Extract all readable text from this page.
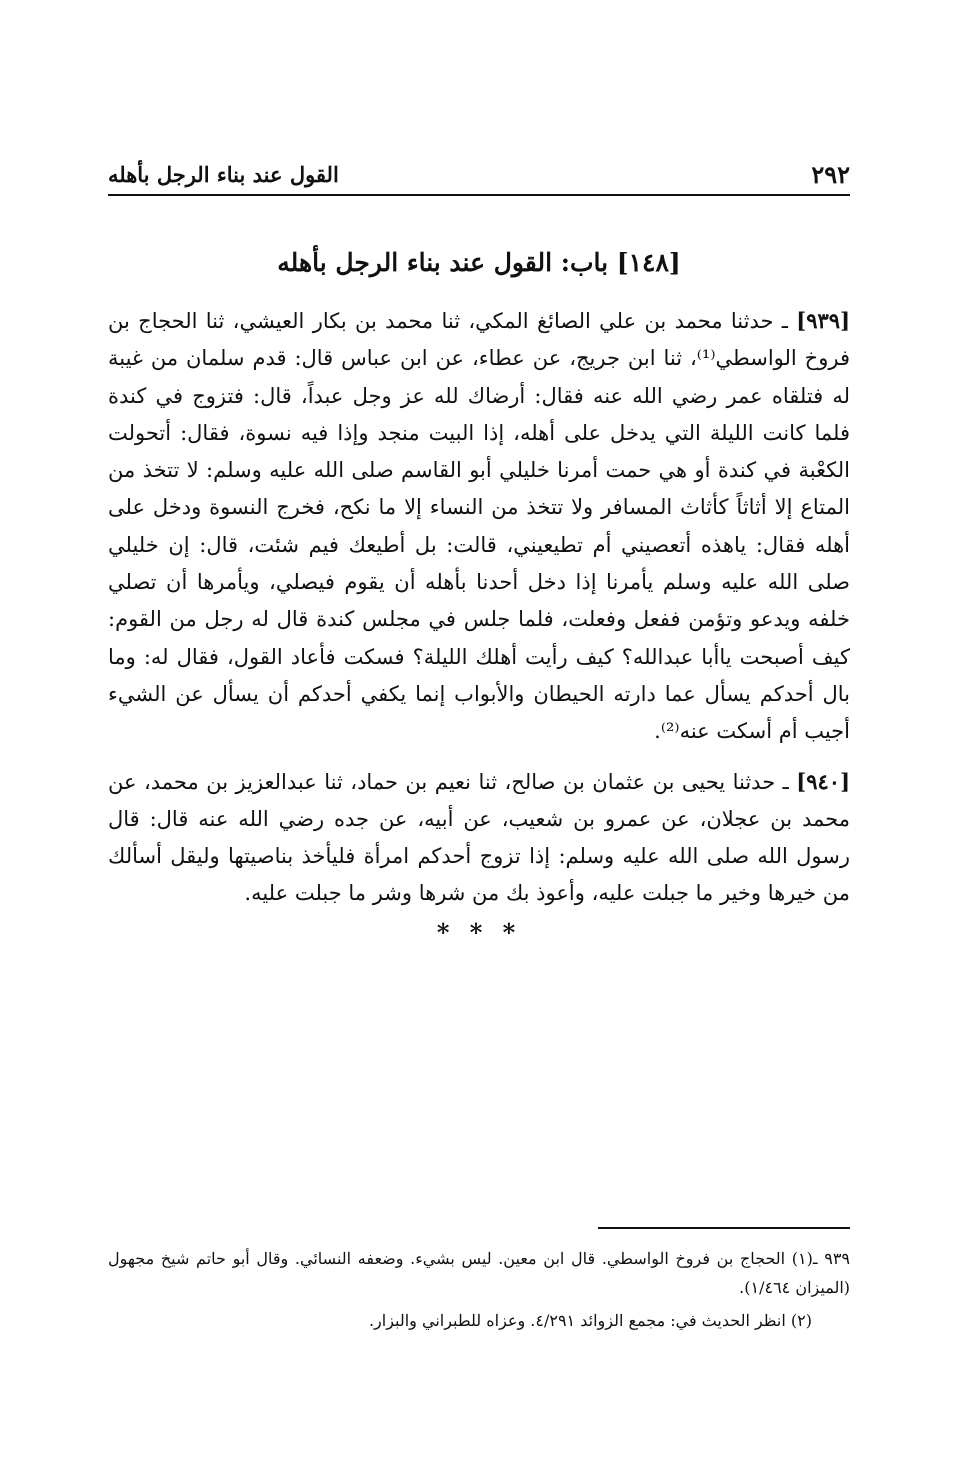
٢٩٢
القول عند بناء الرجل بأهله
[١٤٨] باب: القول عند بناء الرجل بأهله

[٩٣٩] ـ حدثنا محمد بن علي الصائغ المكي، ثنا محمد بن بكار العيشي، ثنا الحجاج بن فروخ الواسطي⁽¹⁾، ثنا ابن جريج، عن عطاء، عن ابن عباس قال: قدم سلمان من غيبة له فتلقاه عمر رضي الله عنه فقال: أرضاك لله عز وجل عبداً، قال: فتزوج في كندة فلما كانت الليلة التي يدخل على أهله، إذا البيت منجد وإذا فيه نسوة، فقال: أتحولت الكعْبة في كندة أو هي حمت أمرنا خليلي أبو القاسم صلى الله عليه وسلم: لا تتخذ من المتاع إلا أثاثاً كأثاث المسافر ولا تتخذ من النساء إلا ما نكح، فخرج النسوة ودخل على أهله فقال: ياهذه أتعصيني أم تطيعيني، قالت: بل أطيعك فيم شئت، قال: إن خليلي صلى الله عليه وسلم يأمرنا إذا دخل أحدنا بأهله أن يقوم فيصلي، ويأمرها أن تصلي خلفه ويدعو وتؤمن ففعل وفعلت، فلما جلس في مجلس كندة قال له رجل من القوم: كيف أصبحت ياأبا عبدالله؟ كيف رأيت أهلك الليلة؟ فسكت فأعاد القول، فقال له: وما بال أحدكم يسأل عما دارته الحيطان والأبواب إنما يكفي أحدكم أن يسأل عن الشيء أجيب أم أسكت عنه⁽²⁾.

[٩٤٠] ـ حدثنا يحيى بن عثمان بن صالح، ثنا نعيم بن حماد، ثنا عبدالعزيز بن محمد، عن محمد بن عجلان، عن عمرو بن شعيب، عن أبيه، عن جده رضي الله عنه قال: قال رسول الله صلى الله عليه وسلم: إذا تزوج أحدكم امرأة فليأخذ بناصيتها وليقل أسألك من خيرها وخير ما جبلت عليه، وأعوذ بك من شرها وشر ما جبلت عليه.

* * *

٩٣٩ ـ(١) الحجاج بن فروخ الواسطي. قال ابن معين. ليس بشيء. وضعفه النسائي. وقال أبو حاتم شيخ مجهول (الميزان ١/٤٦٤).

(٢) انظر الحديث في: مجمع الزوائد ٤/٢٩١. وعزاه للطبراني والبزار.
